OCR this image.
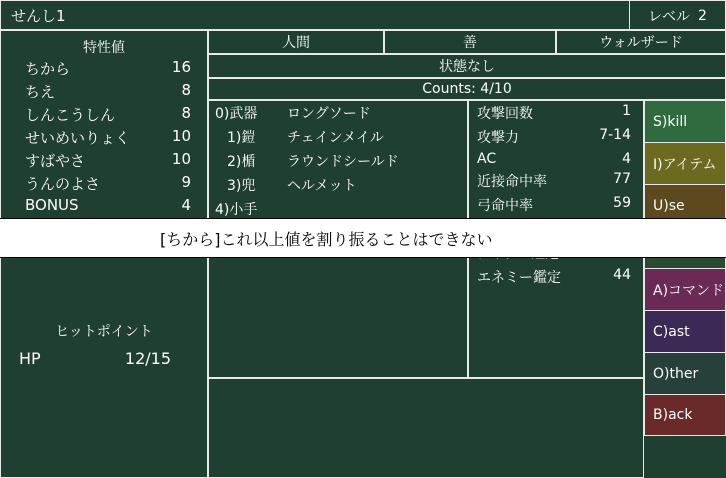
せんし1	レベル 2
人間	善	ウォルザード
状態なし
Counts: 4/10
特性値
ちから	16
ちえ	8
しんこうしん	8
せいめいりょく	10
すばやさ	10
うんのよさ	9
BONUS	4
0)武器	ロングソード
1)鎧	チェインメイル
2)楯	ラウンドシールド
3)兜	ヘルメット
4)小手
攻撃回数	1
攻撃力	7-14
AC	4
近接命中率	77
弓命中率	59
エネミー鑑定	44
ヒットポイント
HP	12/15
S)kill
I)アイテム
U)se
A)コマンド
C)ast
O)ther
B)ack
[ちから]これ以上値を割り振ることはできない
